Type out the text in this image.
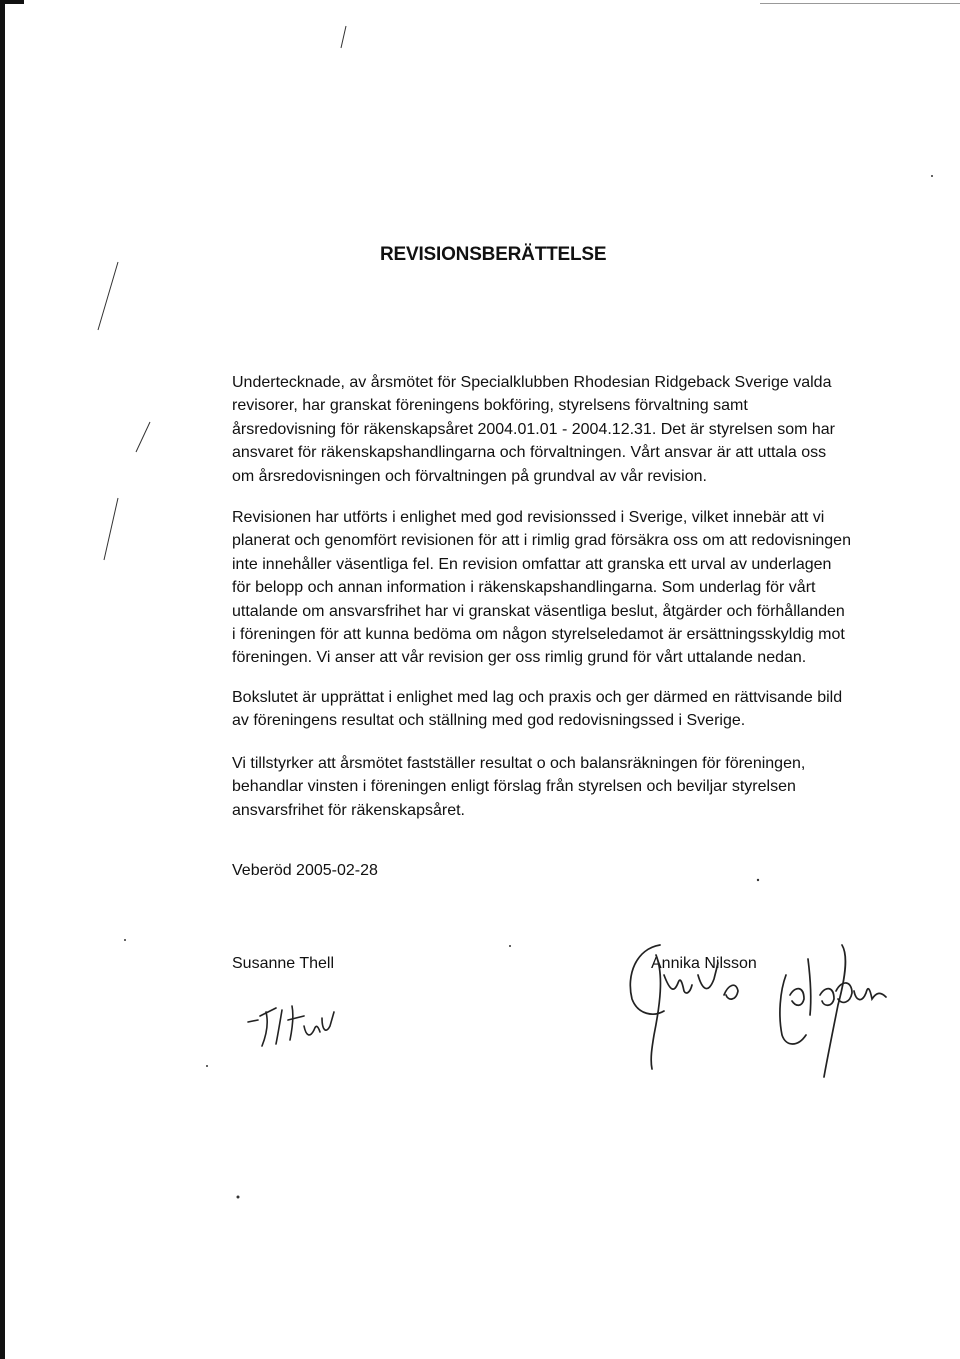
REVISIONSBERÄTTELSE

Undertecknade, av årsmötet för Specialklubben Rhodesian Ridgeback Sverige valda revisorer, har granskat föreningens bokföring, styrelsens förvaltning samt årsredovisning för räkenskapsåret 2004.01.01 - 2004.12.31. Det är styrelsen som har ansvaret för räkenskapshandlingarna och förvaltningen. Vårt ansvar är att uttala oss om årsredovisningen och förvaltningen på grundval av vår revision.

Revisionen har utförts i enlighet med god revisionssed i Sverige, vilket innebär att vi planerat och genomfört revisionen för att i rimlig grad försäkra oss om att redovisningen inte innehåller väsentliga fel. En revision omfattar att granska ett urval av underlagen för belopp och annan information i räkenskapshandlingarna. Som underlag för vårt uttalande om ansvarsfrihet har vi granskat väsentliga beslut, åtgärder och förhållanden i föreningen för att kunna bedöma om någon styrelseledamot är ersättningsskyldig mot föreningen. Vi anser att vår revision ger oss rimlig grund för vårt uttalande nedan.

Bokslutet är upprättat i enlighet med lag och praxis och ger därmed en rättvisande bild av föreningens resultat och ställning med god redovisningssed i Sverige.

Vi tillstyrker att årsmötet fastställer resultat o och balansräkningen för föreningen, behandlar vinsten i föreningen enligt förslag från styrelsen och beviljar styrelsen ansvarsfrihet för räkenskapsåret.

Veberöd 2005-02-28
Susanne Thell	Annika Nilsson
